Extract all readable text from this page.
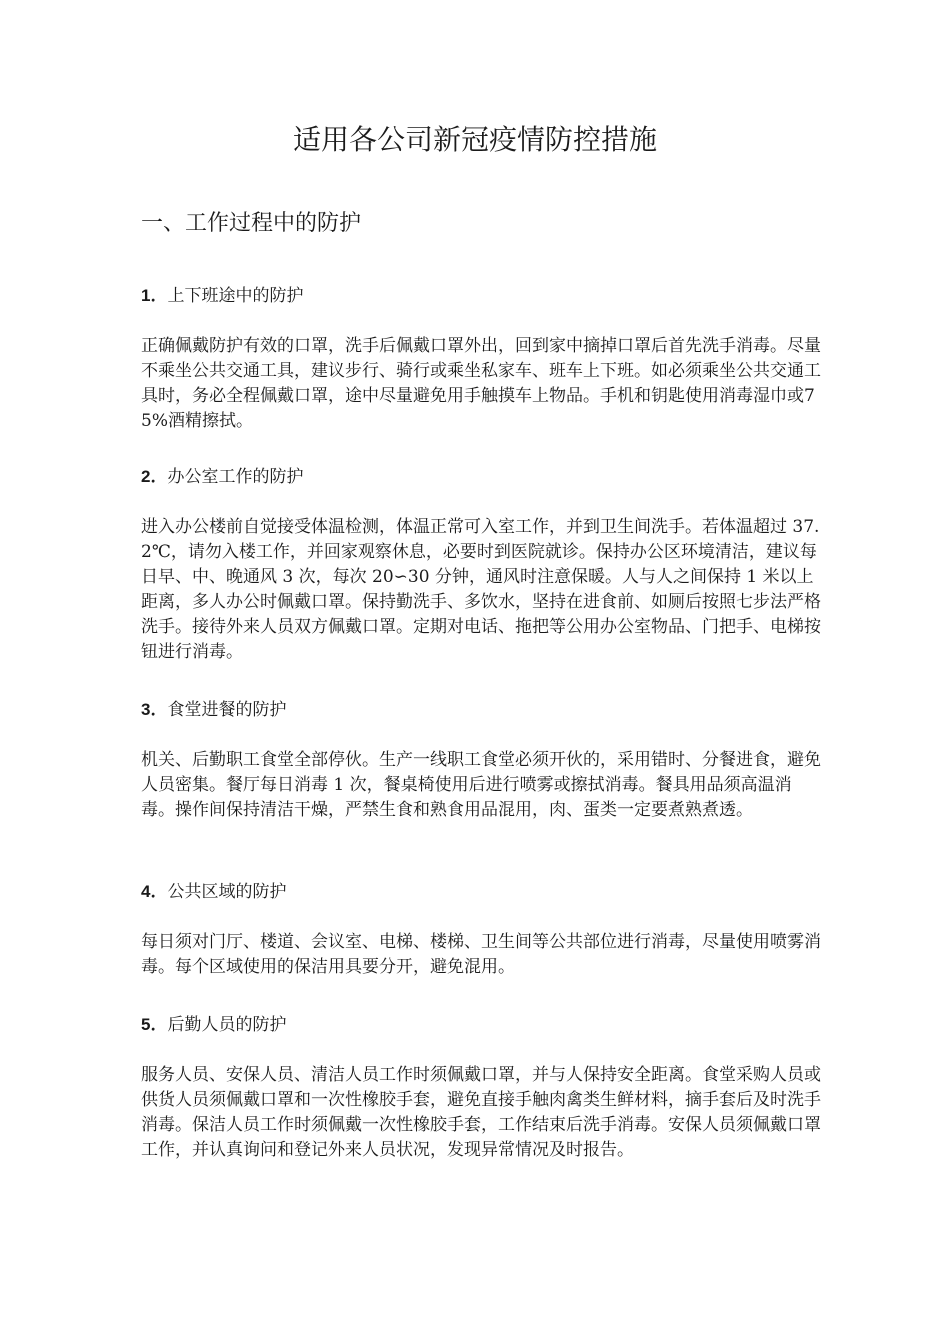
适用各公司新冠疫情防控措施
一、工作过程中的防护
1．上下班途中的防护

正确佩戴防护有效的口罩，洗手后佩戴口罩外出，回到家中摘掉口罩后首先洗手消毒。尽量不乘坐公共交通工具，建议步行、骑行或乘坐私家车、班车上下班。如必须乘坐公共交通工具时，务必全程佩戴口罩，途中尽量避免用手触摸车上物品。手机和钥匙使用消毒湿巾或75%酒精擦拭。

2．办公室工作的防护

进入办公楼前自觉接受体温检测，体温正常可入室工作，并到卫生间洗手。若体温超过 37.2℃，请勿入楼工作，并回家观察休息，必要时到医院就诊。保持办公区环境清洁，建议每日早、中、晚通风 3 次，每次 20∽30 分钟，通风时注意保暖。人与人之间保持 1 米以上距离，多人办公时佩戴口罩。保持勤洗手、多饮水，坚持在进食前、如厕后按照七步法严格洗手。接待外来人员双方佩戴口罩。定期对电话、拖把等公用办公室物品、门把手、电梯按钮进行消毒。

3．食堂进餐的防护

机关、后勤职工食堂全部停伙。生产一线职工食堂必须开伙的，采用错时、分餐进食，避免人员密集。餐厅每日消毒 1 次，餐桌椅使用后进行喷雾或擦拭消毒。餐具用品须高温消毒。操作间保持清洁干燥，严禁生食和熟食用品混用，肉、蛋类一定要煮熟煮透。

4．公共区域的防护

每日须对门厅、楼道、会议室、电梯、楼梯、卫生间等公共部位进行消毒，尽量使用喷雾消毒。每个区域使用的保洁用具要分开，避免混用。

5．后勤人员的防护

服务人员、安保人员、清洁人员工作时须佩戴口罩，并与人保持安全距离。食堂采购人员或供货人员须佩戴口罩和一次性橡胶手套，避免直接手触肉禽类生鲜材料，摘手套后及时洗手消毒。保洁人员工作时须佩戴一次性橡胶手套，工作结束后洗手消毒。安保人员须佩戴口罩工作，并认真询问和登记外来人员状况，发现异常情况及时报告。
